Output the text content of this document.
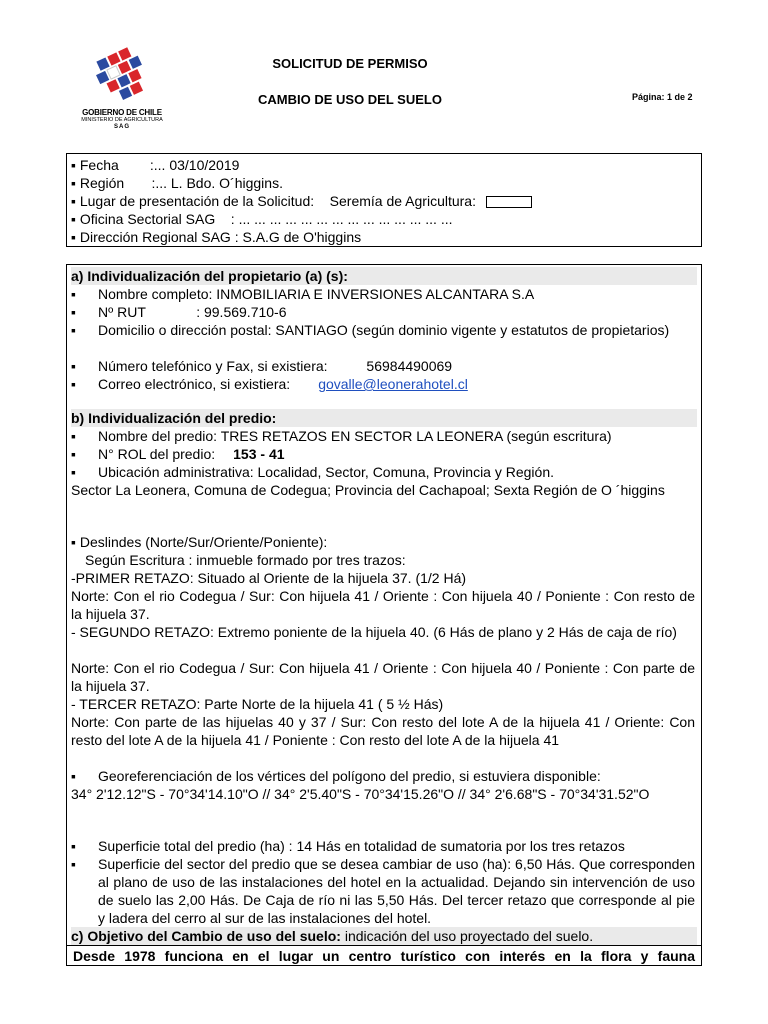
GOBIERNO DE CHILE
MINISTERIO DE AGRICULTURA
SAG
SOLICITUD DE PERMISO
CAMBIO DE USO DEL SUELO	Página: 1 de 2
▪ Fecha        :... 03/10/2019
▪ Región       :... L. Bdo. O´higgins.
▪ Lugar de presentación de la Solicitud:    Seremía de Agricultura:
▪ Oficina Sectorial SAG    : ... ... ... ... ... ... ... ... ... ... ... ... ... ...
▪ Dirección Regional SAG : S.A.G de O'higgins
a) Individualización del propietario (a) (s):
▪ Nombre completo: INMOBILIARIA E INVERSIONES ALCANTARA S.A
▪ Nº RUT             : 99.569.710-6
▪ Domicilio o dirección postal: SANTIAGO (según dominio vigente y estatutos de propietarios)
▪ Número telefónico y Fax, si existiera:          56984490069
▪ Correo electrónico, si existiera: govalle@leonerahotel.cl
b) Individualización del predio:
▪ Nombre del predio: TRES RETAZOS EN SECTOR LA LEONERA (según escritura)
▪ N° ROL del predio: 153 - 41
▪ Ubicación administrativa: Localidad, Sector, Comuna, Provincia y Región.
Sector La Leonera, Comuna de Codegua; Provincia del Cachapoal; Sexta Región de O ´higgins
▪ Deslindes (Norte/Sur/Oriente/Poniente):
Según Escritura : inmueble formado por tres trazos:
-PRIMER RETAZO: Situado al Oriente de la hijuela 37. (1/2 Há)
Norte: Con el rio Codegua / Sur: Con hijuela 41 / Oriente : Con hijuela 40 / Poniente : Con resto de la hijuela 37.
- SEGUNDO RETAZO: Extremo poniente de la hijuela 40. (6 Hás de plano y 2 Hás de caja de río)
Norte: Con el rio Codegua / Sur: Con hijuela 41 / Oriente : Con hijuela 40 / Poniente : Con parte de la hijuela 37.
- TERCER RETAZO: Parte Norte de la hijuela 41 ( 5 ½ Hás)
Norte: Con parte de las hijuelas 40 y 37 / Sur: Con resto del lote A de la hijuela 41 / Oriente: Con resto del lote A de la hijuela 41 / Poniente : Con resto del lote A de la hijuela 41
▪ Georeferenciación de los vértices del polígono del predio, si estuviera disponible:
34° 2'12.12"S - 70°34'14.10"O // 34° 2'5.40"S - 70°34'15.26"O // 34° 2'6.68"S - 70°34'31.52"O
▪ Superficie total del predio (ha) : 14 Hás en totalidad de sumatoria por los tres retazos
▪ Superficie del sector del predio que se desea cambiar de uso (ha): 6,50 Hás. Que corresponden al plano de uso de las instalaciones del hotel en la actualidad. Dejando sin intervención de uso de suelo las 2,00 Hás. De Caja de río ni las 5,50 Hás. Del tercer retazo que corresponde al pie y ladera del cerro al sur de las instalaciones del hotel.
c) Objetivo del Cambio de uso del suelo: indicación del uso proyectado del suelo.
Desde 1978 funciona en el lugar un centro turístico con interés en la flora y fauna
